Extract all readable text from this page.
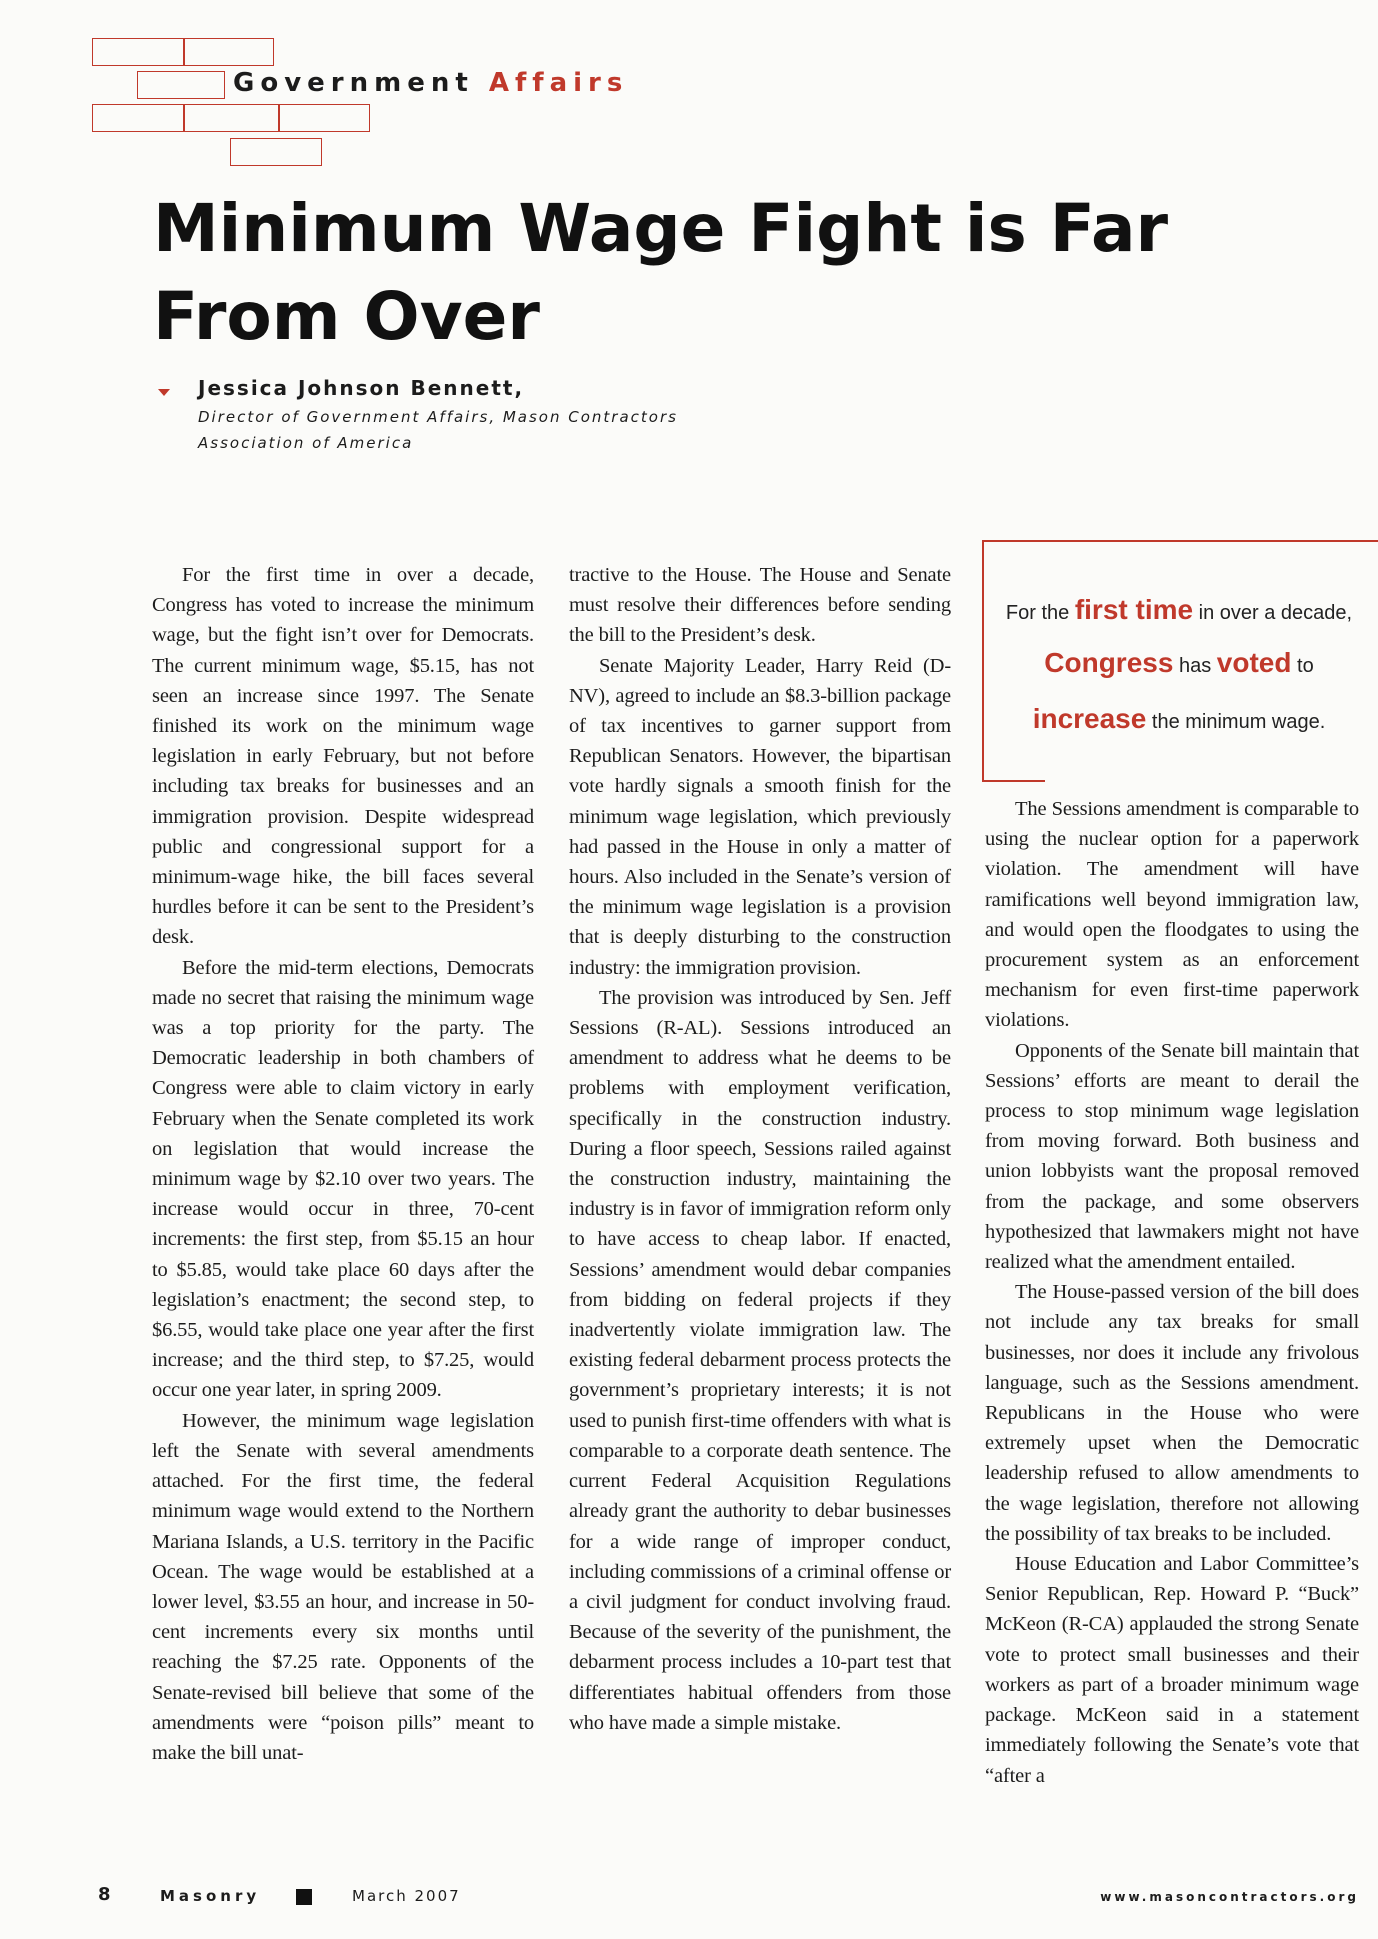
Government Affairs
Minimum Wage Fight is Far From Over
Jessica Johnson Bennett,
Director of Government Affairs, Mason Contractors Association of America

For the first time in over a decade, Congress has voted to increase the minimum wage, but the fight isn’t over for Democrats. The current minimum wage, $5.15, has not seen an increase since 1997. The Senate finished its work on the minimum wage legislation in early February, but not before including tax breaks for businesses and an immigration provision. Despite widespread public and congressional support for a minimum-wage hike, the bill faces several hurdles before it can be sent to the President’s desk.

Before the mid-term elections, Democrats made no secret that raising the minimum wage was a top priority for the party. The Democratic leadership in both chambers of Congress were able to claim victory in early February when the Senate completed its work on legislation that would increase the minimum wage by $2.10 over two years. The increase would occur in three, 70-cent increments: the first step, from $5.15 an hour to $5.85, would take place 60 days after the legislation’s enactment; the second step, to $6.55, would take place one year after the first increase; and the third step, to $7.25, would occur one year later, in spring 2009.

However, the minimum wage legislation left the Senate with several amendments attached. For the first time, the federal minimum wage would extend to the Northern Mariana Islands, a U.S. territory in the Pacific Ocean. The wage would be established at a lower level, $3.55 an hour, and increase in 50-cent increments every six months until reaching the $7.25 rate. Opponents of the Senate-revised bill believe that some of the amendments were “poison pills” meant to make the bill unat-

tractive to the House. The House and Senate must resolve their differences before sending the bill to the President’s desk.

Senate Majority Leader, Harry Reid (D-NV), agreed to include an $8.3-billion package of tax incentives to garner support from Republican Senators. However, the bipartisan vote hardly signals a smooth finish for the minimum wage legislation, which previously had passed in the House in only a matter of hours. Also included in the Senate’s version of the minimum wage legislation is a provision that is deeply disturbing to the construction industry: the immigration provision.

The provision was introduced by Sen. Jeff Sessions (R-AL). Sessions introduced an amendment to address what he deems to be problems with employment verification, specifically in the construction industry. During a floor speech, Sessions railed against the construction industry, maintaining the industry is in favor of immigration reform only to have access to cheap labor. If enacted, Sessions’ amendment would debar companies from bidding on federal projects if they inadvertently violate immigration law. The existing federal debarment process protects the government’s proprietary interests; it is not used to punish first-time offenders with what is comparable to a corporate death sentence. The current Federal Acquisition Regulations already grant the authority to debar businesses for a wide range of improper conduct, including commissions of a criminal offense or a civil judgment for conduct involving fraud. Because of the severity of the punishment, the debarment process includes a 10-part test that differentiates habitual offenders from those who have made a simple mistake.

For the first time in over a decade,
Congress has voted to
increase the minimum wage.

The Sessions amendment is comparable to using the nuclear option for a paperwork violation. The amendment will have ramifications well beyond immigration law, and would open the floodgates to using the procurement system as an enforcement mechanism for even first-time paperwork violations.

Opponents of the Senate bill maintain that Sessions’ efforts are meant to derail the process to stop minimum wage legislation from moving forward. Both business and union lobbyists want the proposal removed from the package, and some observers hypothesized that lawmakers might not have realized what the amendment entailed.

The House-passed version of the bill does not include any tax breaks for small businesses, nor does it include any frivolous language, such as the Sessions amendment. Republicans in the House who were extremely upset when the Democratic leadership refused to allow amendments to the wage legislation, therefore not allowing the possibility of tax breaks to be included.

House Education and Labor Committee’s Senior Republican, Rep. Howard P. “Buck” McKeon (R-CA) applauded the strong Senate vote to protect small businesses and their workers as part of a broader minimum wage package. McKeon said in a statement immediately following the Senate’s vote that “after a

8	Masonry	March 2007	www.masoncontractors.org
